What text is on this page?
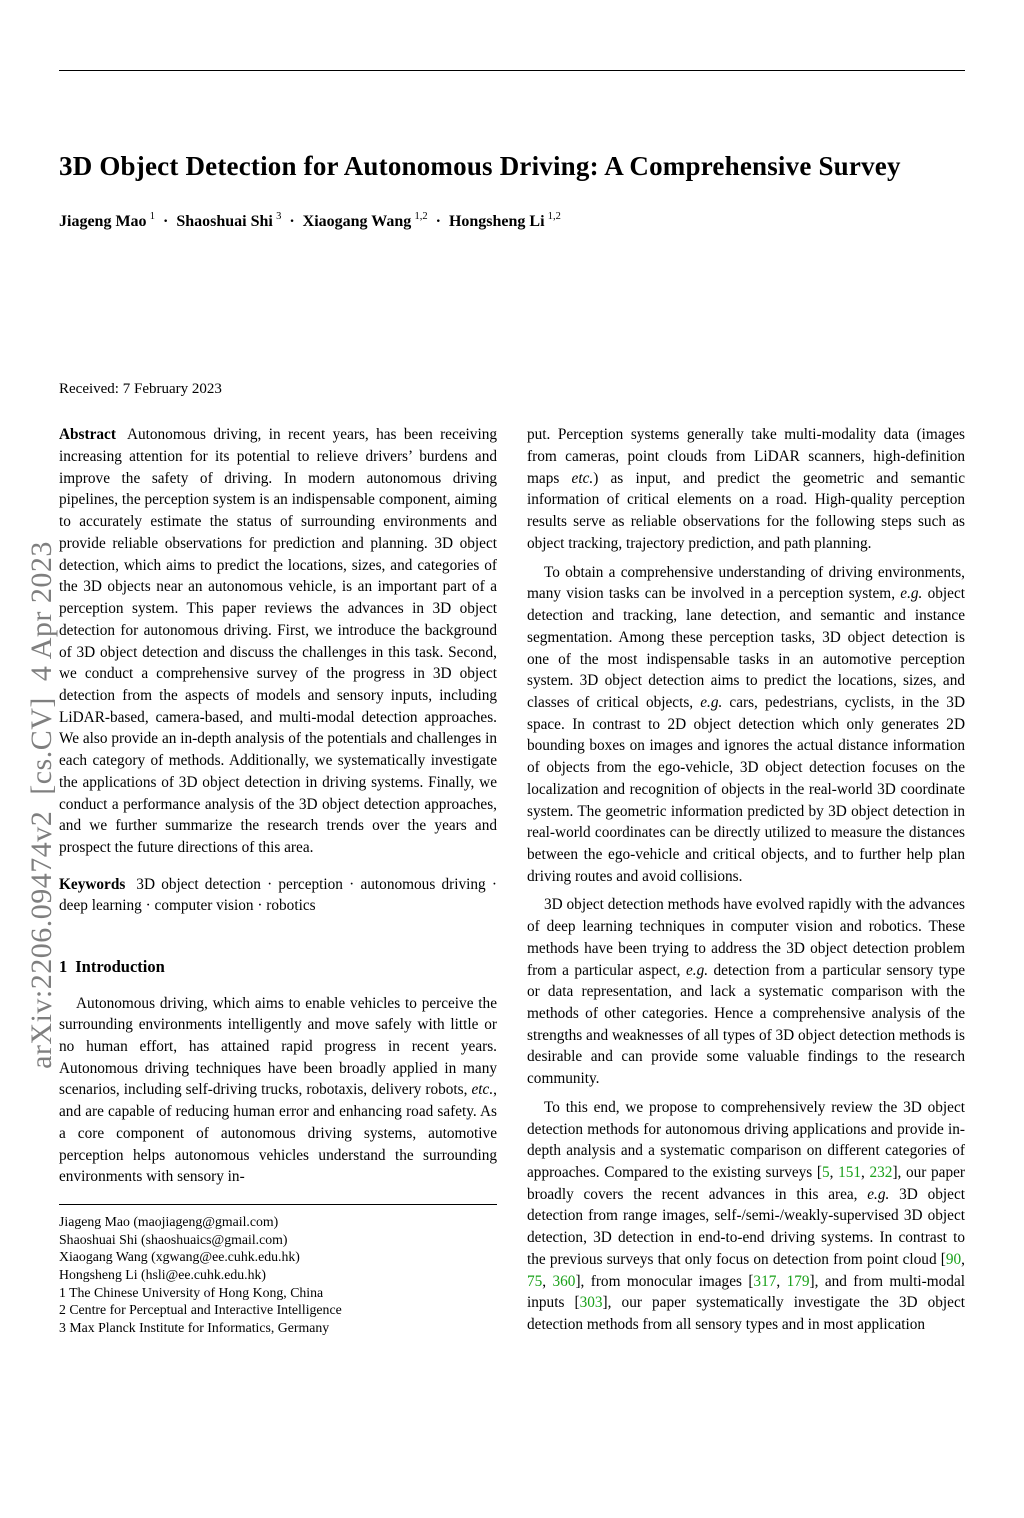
arXiv:2206.09474v2  [cs.CV]  4 Apr 2023
3D Object Detection for Autonomous Driving: A Comprehensive Survey
Jiageng Mao  $^1$ · Shaoshuai Shi  $^3$ · Xiaogang Wang  $^{1,2}$ · Hongsheng Li  $^{1,2}$
Received: 7 February 2023

Abstract Autonomous driving, in recent years, has been receiving increasing attention for its potential to relieve drivers’ burdens and improve the safety of driving. In modern autonomous driving pipelines, the perception system is an indispensable component, aiming to accurately estimate the status of surrounding environments and provide reliable observations for prediction and planning. 3D object detection, which aims to predict the locations, sizes, and categories of the 3D objects near an autonomous vehicle, is an important part of a perception system. This paper reviews the advances in 3D object detection for autonomous driving. First, we introduce the background of 3D object detection and discuss the challenges in this task. Second, we conduct a comprehensive survey of the progress in 3D object detection from the aspects of models and sensory inputs, including LiDAR-based, camera-based, and multi-modal detection approaches. We also provide an in-depth analysis of the potentials and challenges in each category of methods. Additionally, we systematically investigate the applications of 3D object detection in driving systems. Finally, we conduct a performance analysis of the 3D object detection approaches, and we further summarize the research trends over the years and prospect the future directions of this area.

Keywords 3D object detection · perception · autonomous driving · deep learning · computer vision · robotics

1 Introduction

Autonomous driving, which aims to enable vehicles to perceive the surrounding environments intelligently and move safely with little or no human effort, has attained rapid progress in recent years. Autonomous driving techniques have been broadly applied in many scenarios, including self-driving trucks, robotaxis, delivery robots, etc., and are capable of reducing human error and enhancing road safety. As a core component of autonomous driving systems, automotive perception helps autonomous vehicles understand the surrounding environments with sensory in-

Jiageng Mao (maojiageng@gmail.com)
Shaoshuai Shi (shaoshuaics@gmail.com)
Xiaogang Wang (xgwang@ee.cuhk.edu.hk)
Hongsheng Li (hsli@ee.cuhk.edu.hk)
1 The Chinese University of Hong Kong, China
2 Centre for Perceptual and Interactive Intelligence
3 Max Planck Institute for Informatics, Germany

put. Perception systems generally take multi-modality data (images from cameras, point clouds from LiDAR scanners, high-definition maps etc.) as input, and predict the geometric and semantic information of critical elements on a road. High-quality perception results serve as reliable observations for the following steps such as object tracking, trajectory prediction, and path planning.

To obtain a comprehensive understanding of driving environments, many vision tasks can be involved in a perception system, e.g. object detection and tracking, lane detection, and semantic and instance segmentation. Among these perception tasks, 3D object detection is one of the most indispensable tasks in an automotive perception system. 3D object detection aims to predict the locations, sizes, and classes of critical objects, e.g. cars, pedestrians, cyclists, in the 3D space. In contrast to 2D object detection which only generates 2D bounding boxes on images and ignores the actual distance information of objects from the ego-vehicle, 3D object detection focuses on the localization and recognition of objects in the real-world 3D coordinate system. The geometric information predicted by 3D object detection in real-world coordinates can be directly utilized to measure the distances between the ego-vehicle and critical objects, and to further help plan driving routes and avoid collisions.

3D object detection methods have evolved rapidly with the advances of deep learning techniques in computer vision and robotics. These methods have been trying to address the 3D object detection problem from a particular aspect, e.g. detection from a particular sensory type or data representation, and lack a systematic comparison with the methods of other categories. Hence a comprehensive analysis of the strengths and weaknesses of all types of 3D object detection methods is desirable and can provide some valuable findings to the research community.

To this end, we propose to comprehensively review the 3D object detection methods for autonomous driving applications and provide in-depth analysis and a systematic comparison on different categories of approaches. Compared to the existing surveys [5, 151, 232], our paper broadly covers the recent advances in this area, e.g. 3D object detection from range images, self-/semi-/weakly-supervised 3D object detection, 3D detection in end-to-end driving systems. In contrast to the previous surveys that only focus on detection from point cloud [90, 75, 360], from monocular images [317, 179], and from multi-modal inputs [303], our paper systematically investigate the 3D object detection methods from all sensory types and in most application
